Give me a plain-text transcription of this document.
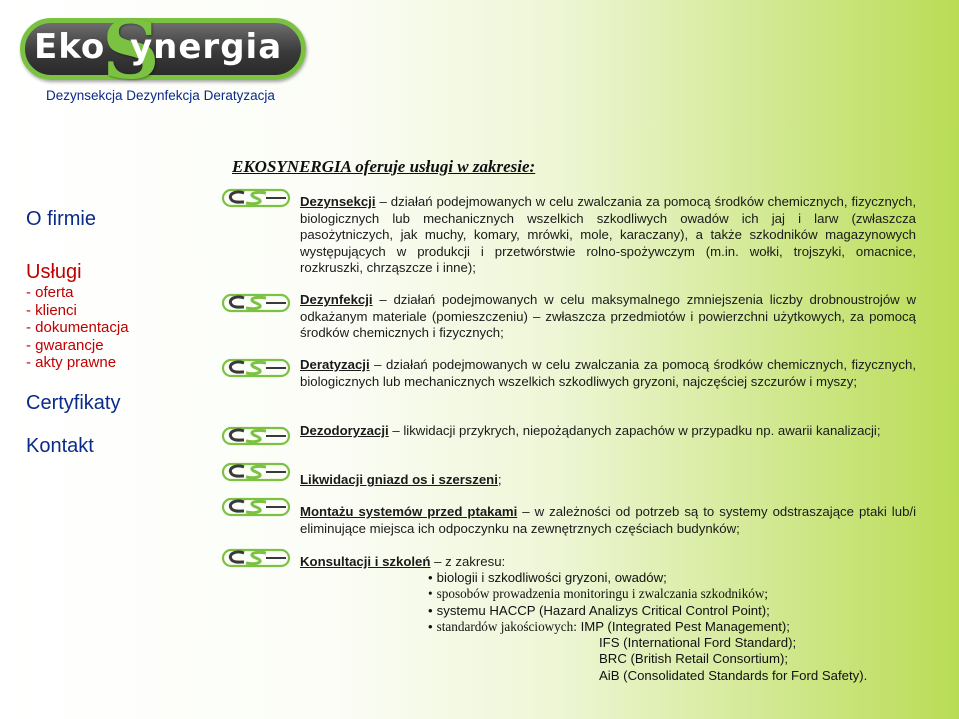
Eko
S
ynergia
Dezynsekcja Dezynfekcja Deratyzacja
EKOSYNERGIA oferuje usługi w zakresie:
O firmie
Usługi
- oferta
- klienci
- dokumentacja
- gwarancje
- akty prawne
Certyfikaty
Kontakt

Dezynsekcji – działań podejmowanych w celu zwalczania za pomocą środków chemicznych, fizycznych, biologicznych lub mechanicznych wszelkich szkodliwych owadów ich jaj i larw (zwłaszcza pasożytniczych, jak muchy, komary, mrówki, mole, karaczany), a także szkodników magazynowych występujących w produkcji i przetwórstwie rolno-spożywczym (m.in. wołki, trojszyki, omacnice, rozkruszki, chrząszcze i inne);

Dezynfekcji – działań podejmowanych w celu maksymalnego zmniejszenia liczby drobnoustrojów w odkażanym materiale (pomieszczeniu) – zwłaszcza przedmiotów i powierzchni użytkowych, za pomocą środków chemicznych i fizycznych;

Deratyzacji – działań podejmowanych w celu zwalczania za pomocą środków chemicznych, fizycznych, biologicznych lub mechanicznych wszelkich szkodliwych gryzoni, najczęściej szczurów i myszy;

Dezodoryzacji – likwidacji przykrych, niepożądanych zapachów w przypadku np. awarii kanalizacji;

Likwidacji gniazd os i szerszeni;

Montażu systemów przed ptakami – w zależności od potrzeb są to systemy odstraszające ptaki lub/i eliminujące miejsca ich odpoczynku na zewnętrznych częściach budynków;

Konsultacji i szkoleń – z zakresu:

• biologii i szkodliwości gryzoni, owadów;
• sposobów prowadzenia monitoringu i zwalczania szkodników;
• systemu HACCP (Hazard Analizys Critical Control Point);
• standardów jakościowych: IMP (Integrated Pest Management);
IFS (International Ford Standard);
BRC (British Retail Consortium);
AiB (Consolidated Standards for Ford Safety).
